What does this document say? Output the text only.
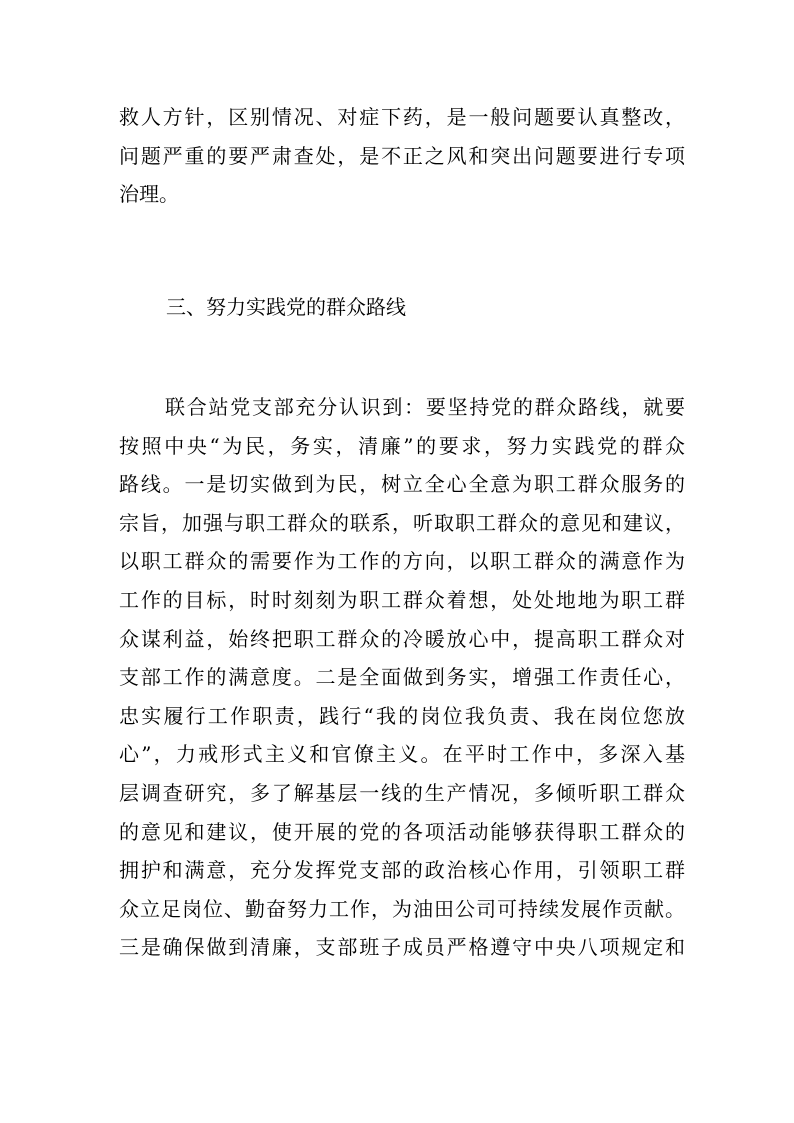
救人方针，区别情况、对症下药，是一般问题要认真整改，
问题严重的要严肃查处，是不正之风和突出问题要进行专项
治理。
三、努力实践党的群众路线
联合站党支部充分认识到：要坚持党的群众路线，就要
按照中央“为民，务实，清廉”的要求，努力实践党的群众
路线。一是切实做到为民，树立全心全意为职工群众服务的
宗旨，加强与职工群众的联系，听取职工群众的意见和建议，
以职工群众的需要作为工作的方向，以职工群众的满意作为
工作的目标，时时刻刻为职工群众着想，处处地地为职工群
众谋利益，始终把职工群众的冷暖放心中，提高职工群众对
支部工作的满意度。二是全面做到务实，增强工作责任心，
忠实履行工作职责，践行“我的岗位我负责、我在岗位您放
心”，力戒形式主义和官僚主义。在平时工作中，多深入基
层调查研究，多了解基层一线的生产情况，多倾听职工群众
的意见和建议，使开展的党的各项活动能够获得职工群众的
拥护和满意，充分发挥党支部的政治核心作用，引领职工群
众立足岗位、勤奋努力工作，为油田公司可持续发展作贡献。
三是确保做到清廉，支部班子成员严格遵守中央八项规定和
